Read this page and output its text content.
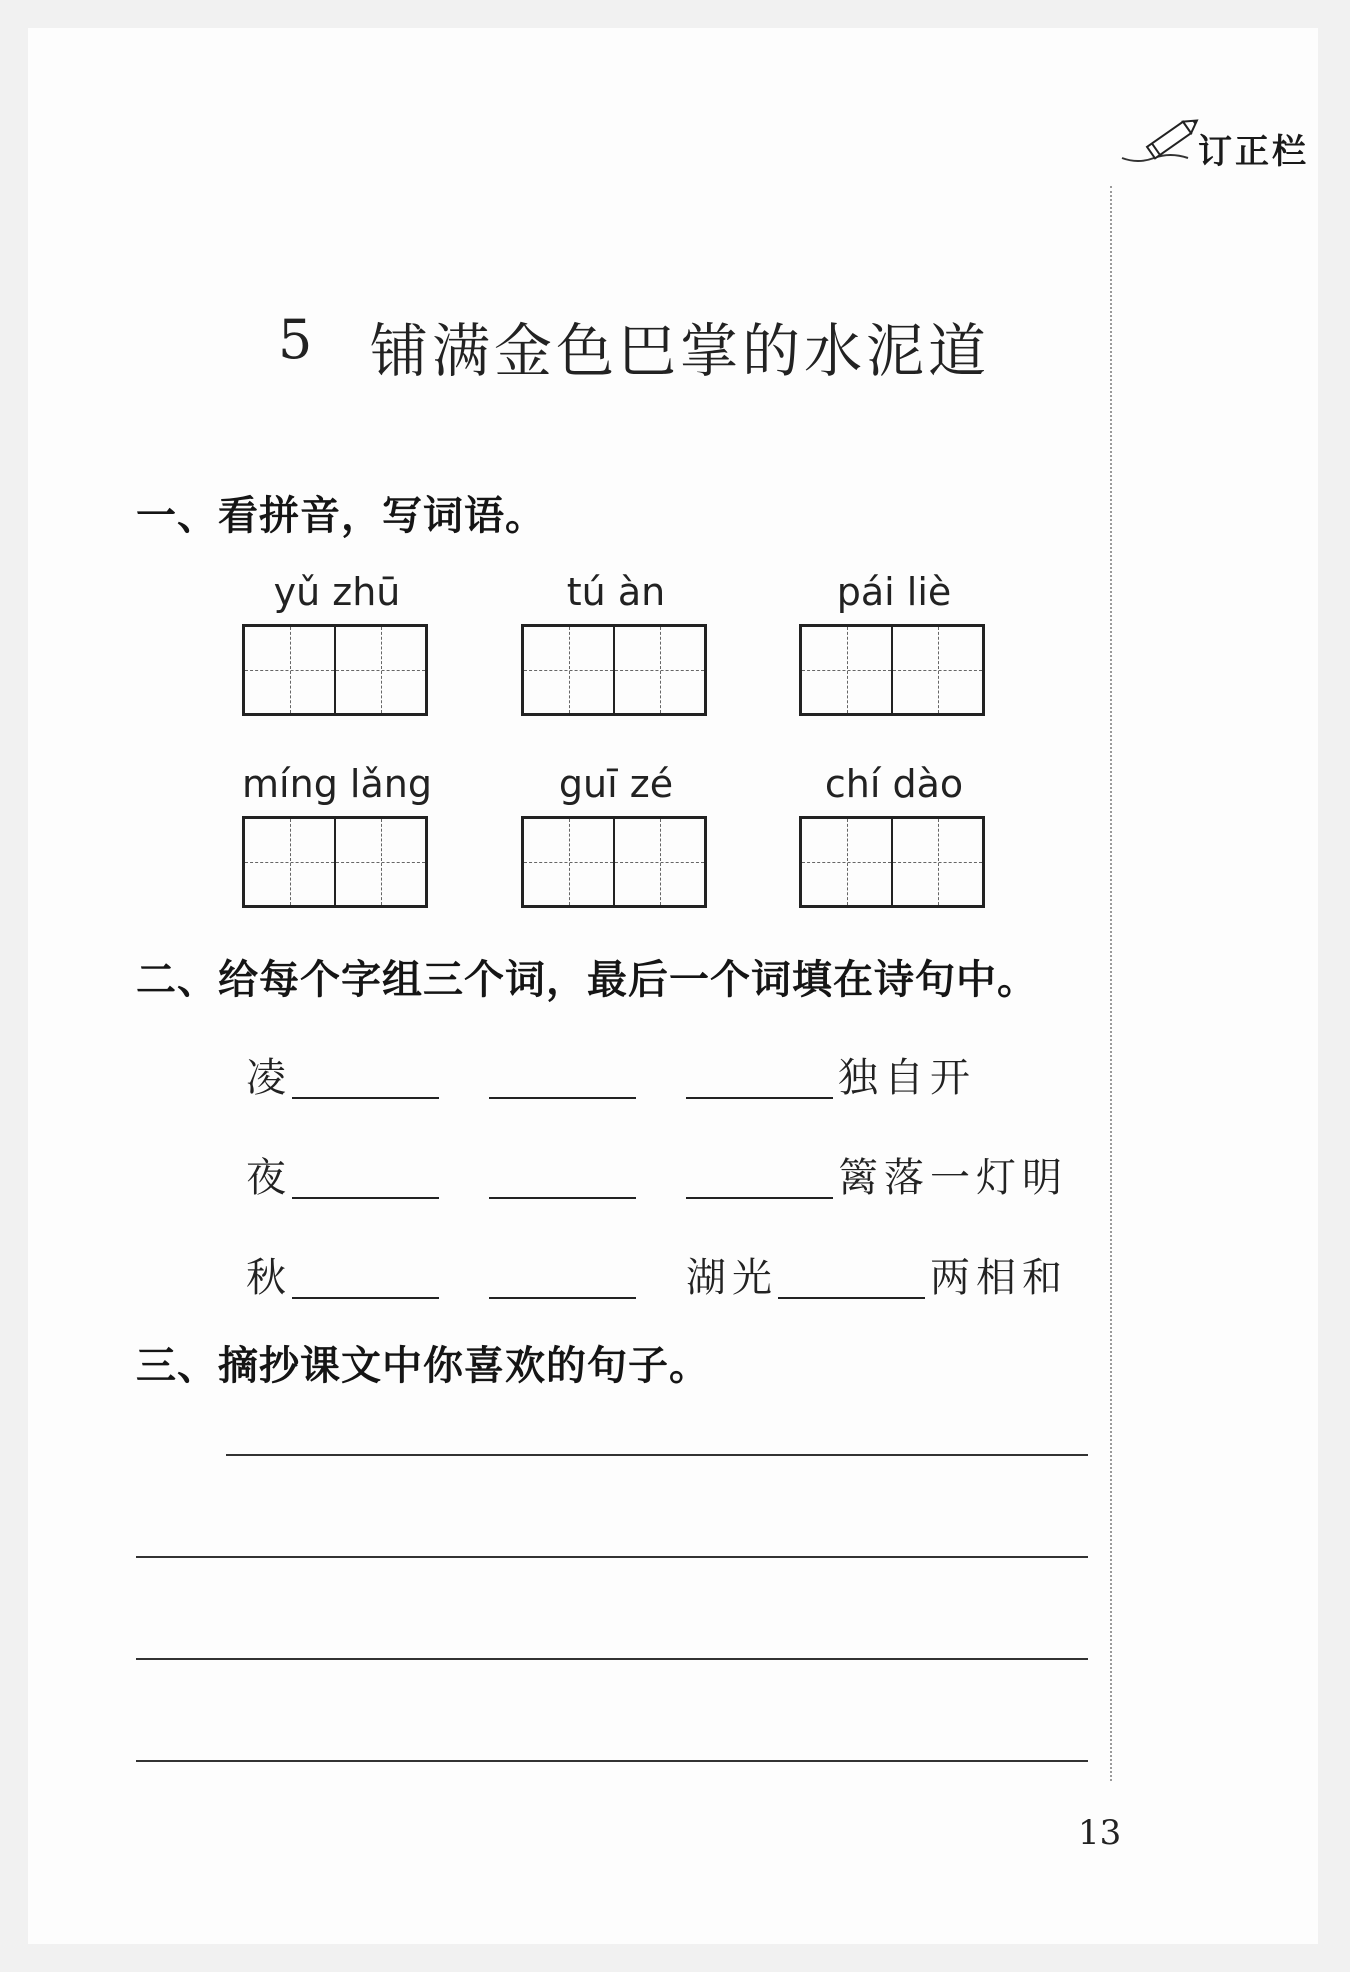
订正栏
5 铺满金色巴掌的水泥道
一、看拼音，写词语。
yǔ zhū	tú àn	pái liè
míng lǎng	guī zé	chí dào
二、给每个字组三个词，最后一个词填在诗句中。
凌	独自开
夜	篱落一灯明
秋	湖光	两相和
三、摘抄课文中你喜欢的句子。
13
